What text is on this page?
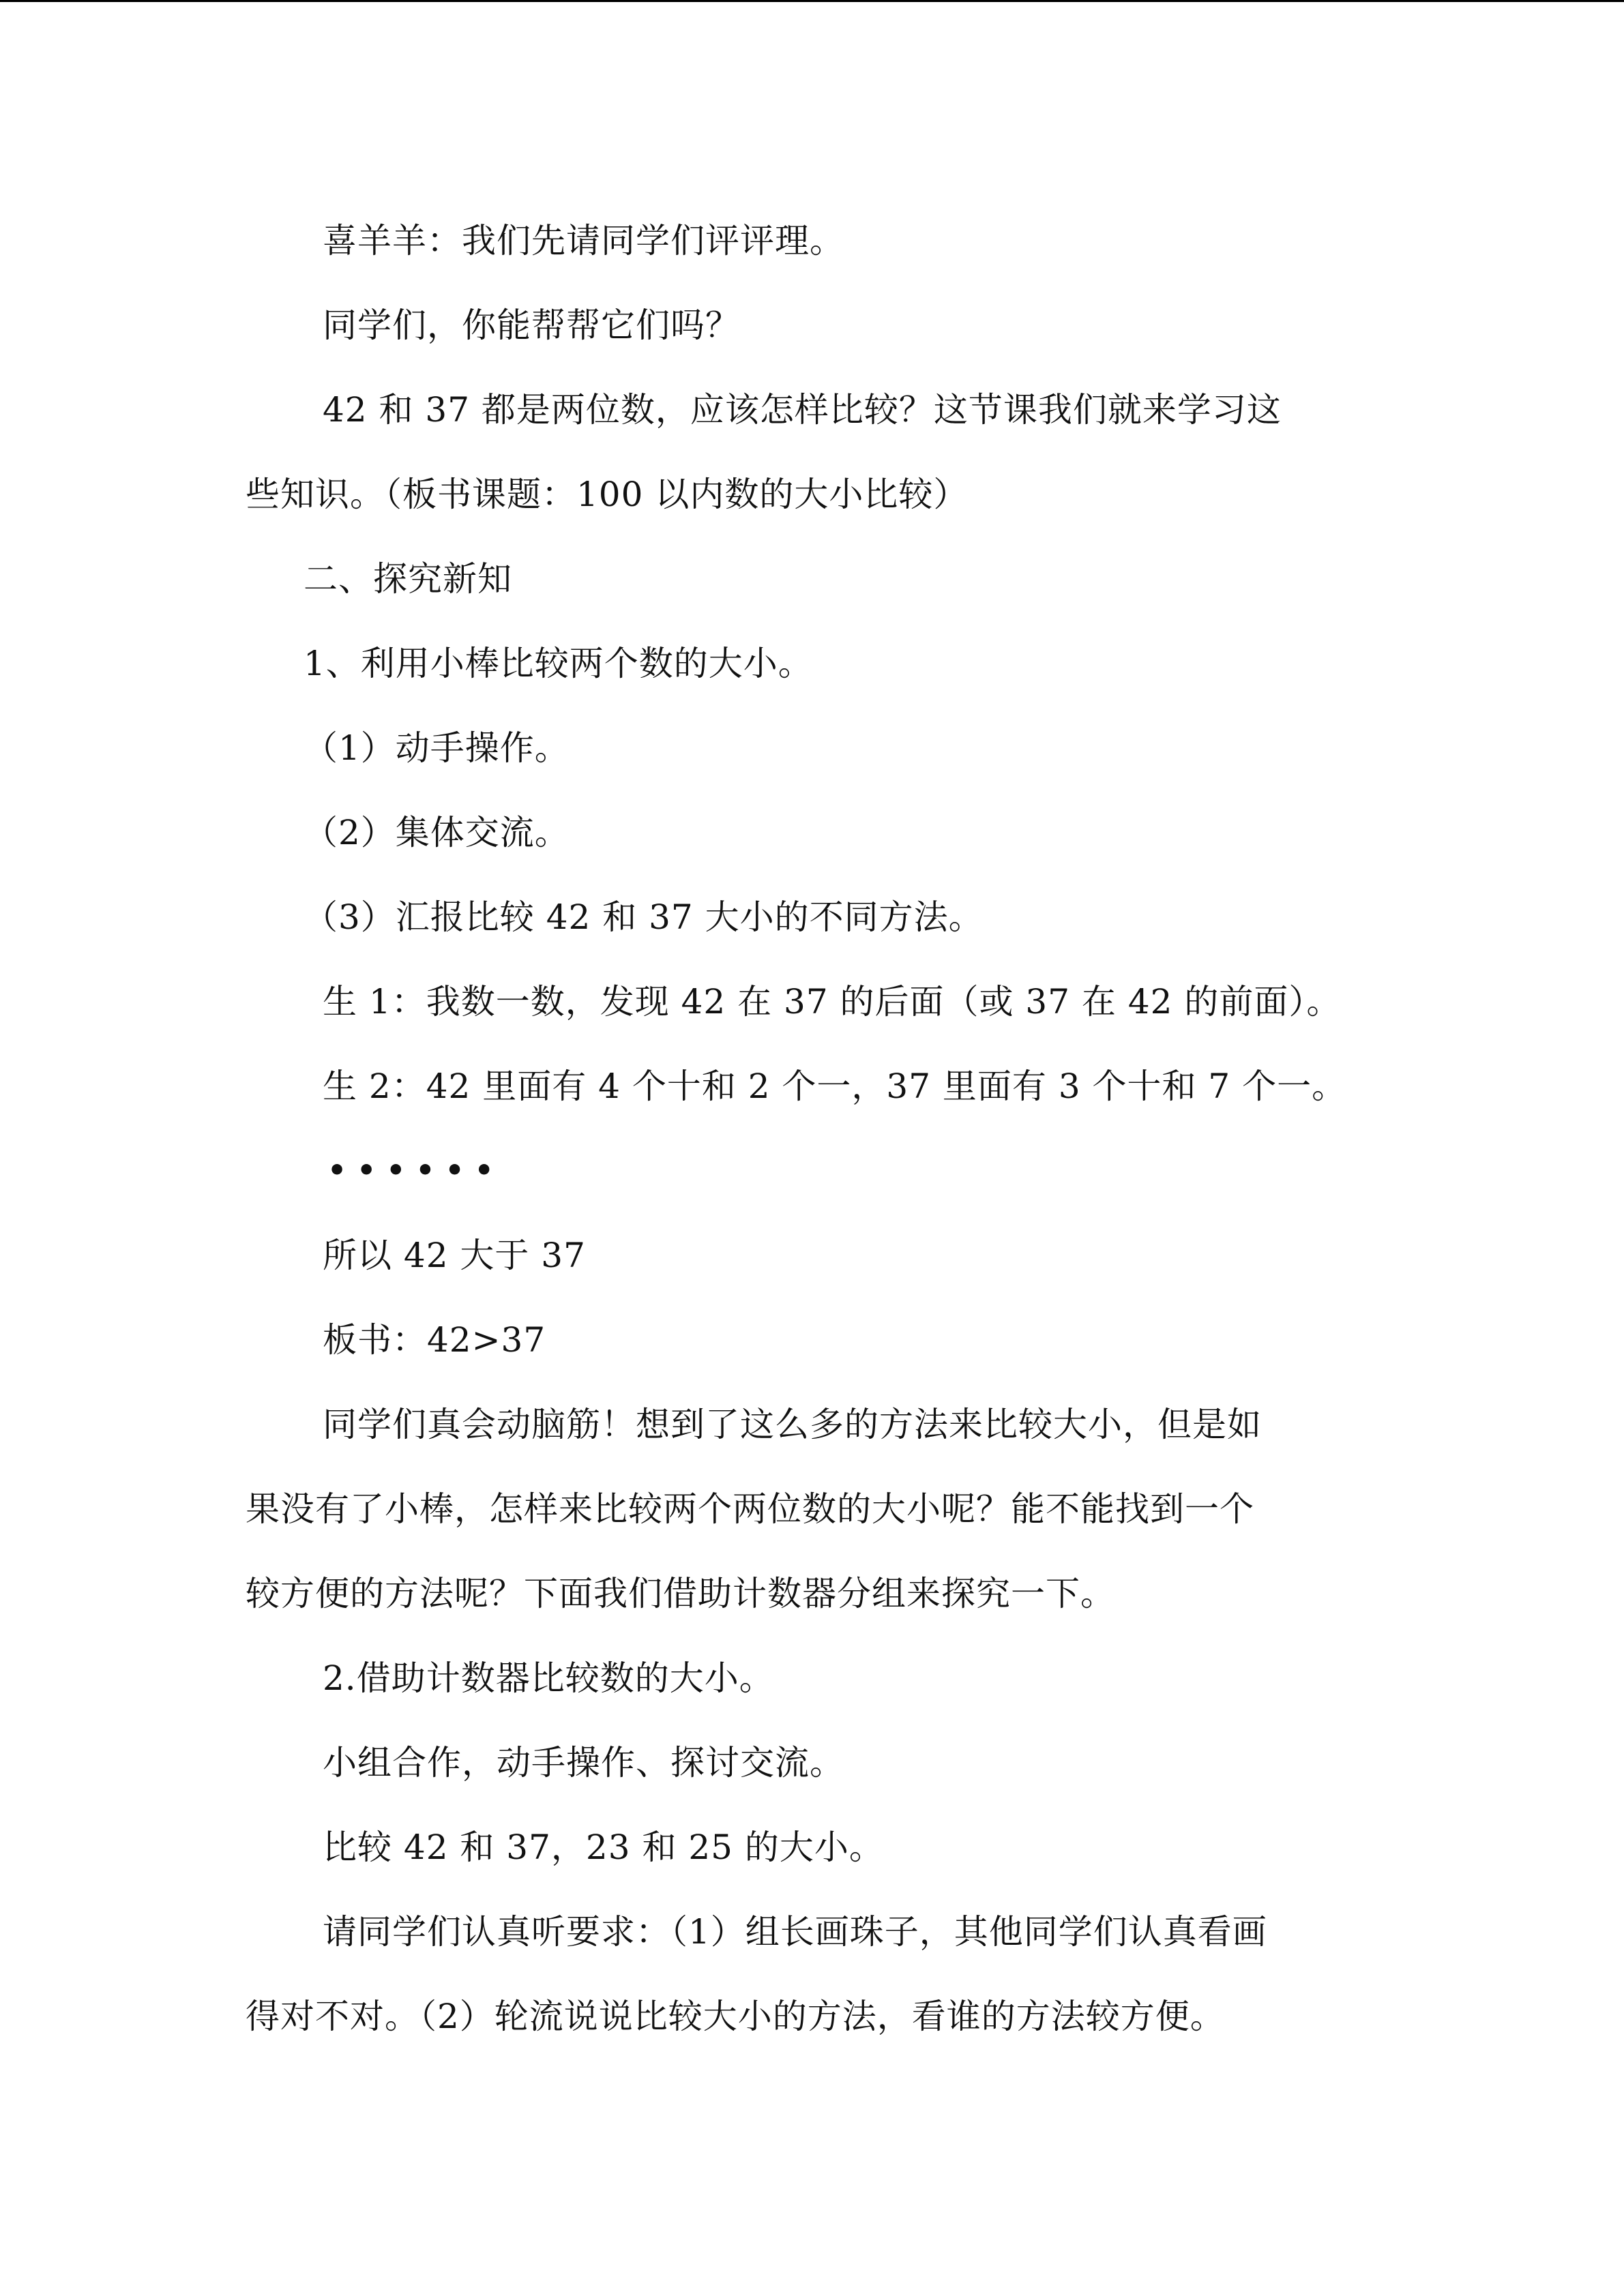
喜羊羊：我们先请同学们评评理。
同学们，你能帮帮它们吗？
42 和 37 都是两位数，应该怎样比较？这节课我们就来学习这
些知识。（板书课题：100 以内数的大小比较）
二、探究新知
1、利用小棒比较两个数的大小。
（1）动手操作。
（2）集体交流。
（3）汇报比较 42 和 37 大小的不同方法。
生 1：我数一数，发现 42 在 37 的后面（或 37 在 42 的前面）。
生 2：42 里面有 4 个十和 2 个一，37 里面有 3 个十和 7 个一。
••••••
所以 42 大于 37
板书：42>37
同学们真会动脑筋！想到了这么多的方法来比较大小，但是如
果没有了小棒，怎样来比较两个两位数的大小呢？能不能找到一个
较方便的方法呢？下面我们借助计数器分组来探究一下。
2.借助计数器比较数的大小。
小组合作，动手操作、探讨交流。
比较 42 和 37，23 和 25 的大小。
请同学们认真听要求：（1）组长画珠子，其他同学们认真看画
得对不对。（2）轮流说说比较大小的方法，看谁的方法较方便。
